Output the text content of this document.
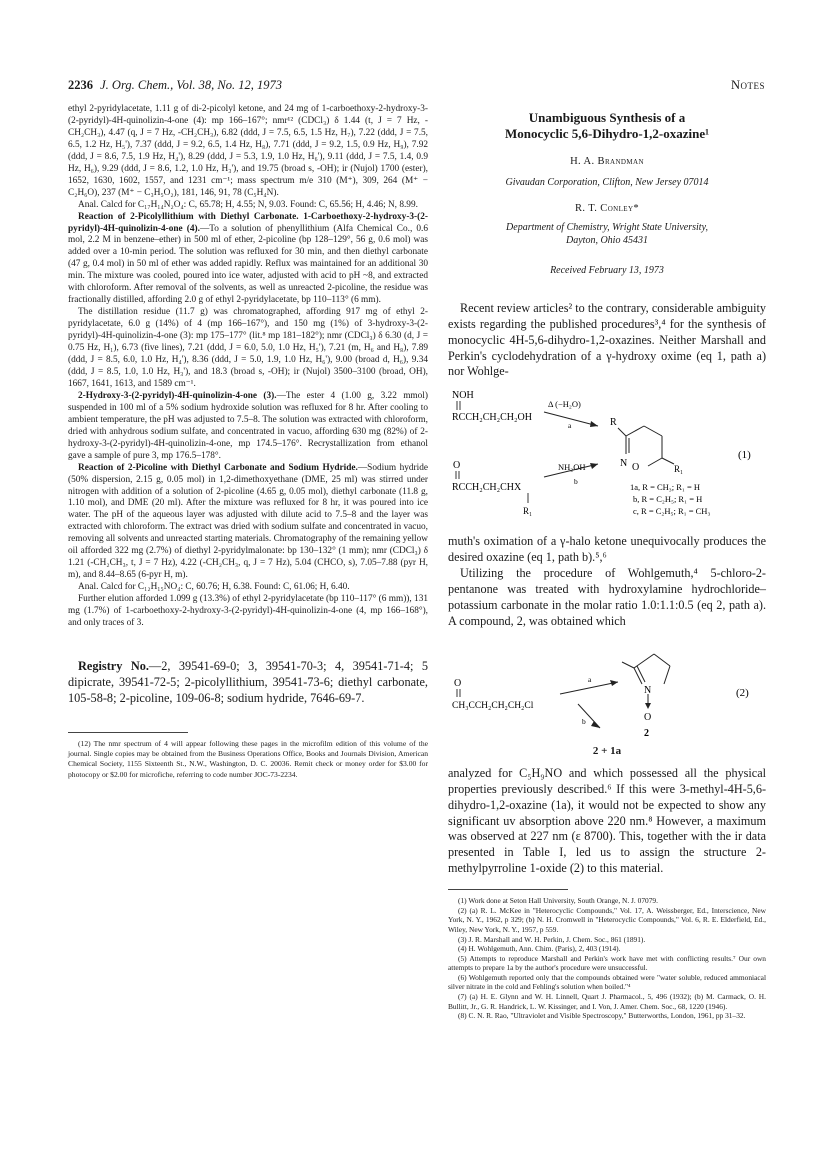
2236 J. Org. Chem., Vol. 38, No. 12, 1973	Notes

ethyl 2-pyridylacetate, 1.11 g of di-2-picolyl ketone, and 24 mg of 1-carboethoxy-2-hydroxy-3-(2-pyridyl)-4H-quinolizin-4-one (4): mp 166–167°; nmr¹² (CDCl₃) δ 1.44 (t, J = 7 Hz, -CH₂CH₃), 4.47 (q, J = 7 Hz, -CH₂CH₃), 6.82 (ddd, J = 7.5, 6.5, 1.5 Hz, H₇), 7.22 (ddd, J = 7.5, 6.5, 1.2 Hz, H₅'), 7.37 (ddd, J = 9.2, 6.5, 1.4 Hz, H₈), 7.71 (ddd, J = 9.2, 1.5, 0.9 Hz, H₉), 7.92 (ddd, J = 8.6, 7.5, 1.9 Hz, H₄'), 8.29 (ddd, J = 5.3, 1.9, 1.0 Hz, H₆'), 9.11 (ddd, J = 7.5, 1.4, 0.9 Hz, H₆), 9.29 (ddd, J = 8.6, 1.2, 1.0 Hz, H₃'), and 19.75 (broad s, -OH); ir (Nujol) 1700 (ester), 1652, 1630, 1602, 1557, and 1231 cm⁻¹; mass spectrum m/e 310 (M⁺), 309, 264 (M⁺ − C₂H₆O), 237 (M⁺ − C₃H₅O₂), 181, 146, 91, 78 (C₅H₄N).

Anal. Calcd for C₁₇H₁₄N₂O₄: C, 65.78; H, 4.55; N, 9.03. Found: C, 65.56; H, 4.46; N, 8.99.

Reaction of 2-Picolyllithium with Diethyl Carbonate. 1-Carboethoxy-2-hydroxy-3-(2-pyridyl)-4H-quinolizin-4-one (4).—To a solution of phenyllithium (Alfa Chemical Co., 0.6 mol, 2.2 M in benzene–ether) in 500 ml of ether, 2-picoline (bp 128–129°, 56 g, 0.6 mol) was added over a 10-min period. The solution was refluxed for 30 min, and then diethyl carbonate (47 g, 0.4 mol) in 50 ml of ether was added rapidly. Reflux was maintained for an additional 30 min. The mixture was cooled, poured into ice water, adjusted with acid to pH ~8, and extracted with chloroform. After removal of the solvents, as well as unreacted 2-picoline, the residue was fractionally distilled, affording 2.0 g of ethyl 2-pyridylacetate, bp 110–113° (6 mm).

The distillation residue (11.7 g) was chromatographed, affording 917 mg of ethyl 2-pyridylacetate, 6.0 g (14%) of 4 (mp 166–167°), and 150 mg (1%) of 3-hydroxy-3-(2-pyridyl)-4H-quinolizin-4-one (3): mp 175–177° (lit.⁸ mp 181–182°); nmr (CDCl₃) δ 6.30 (d, J = 0.75 Hz, H₁), 6.73 (five lines), 7.21 (ddd, J = 6.0, 5.0, 1.0 Hz, H₅'), 7.21 (m, H₆ and H₈), 7.89 (ddd, J = 8.5, 6.0, 1.0 Hz, H₄'), 8.36 (ddd, J = 5.0, 1.9, 1.0 Hz, H₆'), 9.00 (broad d, H₆), 9.34 (ddd, J = 8.5, 1.0, 1.0 Hz, H₃'), and 18.3 (broad s, -OH); ir (Nujol) 3500–3100 (broad, OH), 1667, 1641, 1613, and 1589 cm⁻¹.

2-Hydroxy-3-(2-pyridyl)-4H-quinolizin-4-one (3).—The ester 4 (1.00 g, 3.22 mmol) suspended in 100 ml of a 5% sodium hydroxide solution was refluxed for 8 hr. After cooling to ambient temperature, the pH was adjusted to 7.5–8. The solution was extracted with chloroform, dried with anhydrous sodium sulfate, and concentrated in vacuo, affording 630 mg (82%) of 2-hydroxy-3-(2-pyridyl)-4H-quinolizin-4-one, mp 174.5–176°. Recrystallization from ethanol gave a sample of pure 3, mp 176.5–178°.

Reaction of 2-Picoline with Diethyl Carbonate and Sodium Hydride.—Sodium hydride (50% dispersion, 2.15 g, 0.05 mol) in 1,2-dimethoxyethane (DME, 25 ml) was stirred under nitrogen with addition of a solution of 2-picoline (4.65 g, 0.05 mol), diethyl carbonate (11.8 g, 1.10 mol), and DME (20 ml). After the mixture was refluxed for 8 hr, it was poured into ice water. The pH of the aqueous layer was adjusted with dilute acid to 7.5–8 and the layer was extracted with chloroform. The extract was dried with sodium sulfate and concentrated in vacuo, removing all solvents and unreacted starting materials. Chromatography of the remaining yellow oil afforded 322 mg (2.7%) of diethyl 2-pyridylmalonate: bp 130–132° (1 mm); nmr (CDCl₃) δ 1.21 (-CH₂CH₃, t, J = 7 Hz), 4.22 (-CH₂CH₃, q, J = 7 Hz), 5.04 (CHCO, s), 7.05–7.88 (pyr H, m), and 8.44–8.65 (6-pyr H, m).

Anal. Calcd for C₁₂H₁₅NO₄: C, 60.76; H, 6.38. Found: C, 61.06; H, 6.40.

Further elution afforded 1.099 g (13.3%) of ethyl 2-pyridylacetate (bp 110–117° (6 mm)), 131 mg (1.7%) of 1-carboethoxy-2-hydroxy-3-(2-pyridyl)-4H-quinolizin-4-one (4, mp 166–168°), and only traces of 3.

Registry No.—2, 39541-69-0; 3, 39541-70-3; 4, 39541-71-4; 5 dipicrate, 39541-72-5; 2-picolyllithium, 39541-73-6; diethyl carbonate, 105-58-8; 2-picoline, 109-06-8; sodium hydride, 7646-69-7.

(12) The nmr spectrum of 4 will appear following these pages in the microfilm edition of this volume of the journal. Single copies may be obtained from the Business Operations Office, Books and Journals Division, American Chemical Society, 1155 Sixteenth St., N.W., Washington, D. C. 20036. Remit check or money order for $3.00 for photocopy or $2.00 for microfiche, referring to code number JOC-73-2234.

Unambiguous Synthesis of a
Monocyclic 5,6-Dihydro-1,2-oxazine¹
H. A. Brandman
Givaudan Corporation, Clifton, New Jersey 07014
R. T. Conley*
Department of Chemistry, Wright State University,
Dayton, Ohio 45431
Received February 13, 1973

Recent review articles² to the contrary, considerable ambiguity exists regarding the published procedures³,⁴ for the synthesis of monocyclic 4H-5,6-dihydro-1,2-oxazines. Neither Marshall and Perkin's cyclodehydration of a γ-hydroxy oxime (eq 1, path a) nor Wohlge-

NOH
RCCH₂CH₂CH₂OH
Δ (−H₂O)
a
O
RCCH₂CH₂CHX
R₁
NH₂OH
b
R
N O	R₁
(1)
1a, R = CH₃; R₁ = H
b, R = C₂H₅; R₁ = H
c, R = C₂H₅; R₁ = CH₃

muth's oximation of a γ-halo ketone unequivocally produces the desired oxazine (eq 1, path b).⁵,⁶

Utilizing the procedure of Wohlgemuth,⁴ 5-chloro-2-pentanone was treated with hydroxylamine hydrochloride–potassium carbonate in the molar ratio 1.0:1.1:0.5 (eq 2, path a). A compound, 2, was obtained which

O
CH₃CCH₂CH₂CH₂Cl
a
b
N
O
2
(2)
2 + 1a

analyzed for C₅H₉NO and which possessed all the physical properties previously described.⁶ If this were 3-methyl-4H-5,6-dihydro-1,2-oxazine (1a), it would not be expected to show any significant uv absorption above 220 nm.⁸ However, a maximum was observed at 227 nm (ε 8700). This, together with the ir data presented in Table I, led us to assign the structure 2-methylpyrroline 1-oxide (2) to this material.

(1) Work done at Seton Hall University, South Orange, N. J. 07079.

(2) (a) R. L. McKee in "Heterocyclic Compounds," Vol. 17, A. Weissberger, Ed., Interscience, New York, N. Y., 1962, p 329; (b) N. H. Cromwell in "Heterocyclic Compounds," Vol. 6, R. E. Elderfield, Ed., Wiley, New York, N. Y., 1957, p 559.

(3) J. R. Marshall and W. H. Perkin, J. Chem. Soc., 861 (1891).

(4) H. Wohlgemuth, Ann. Chim. (Paris), 2, 403 (1914).

(5) Attempts to reproduce Marshall and Perkin's work have met with conflicting results.⁷ Our own attempts to prepare 1a by the author's procedure were unsuccessful.

(6) Wohlgemuth reported only that the compounds obtained were "water soluble, reduced ammoniacal silver nitrate in the cold and Fehling's solution when boiled."⁴

(7) (a) H. E. Glynn and W. H. Linnell, Quart J. Pharmacol., 5, 496 (1932); (b) M. Carmack, O. H. Bullitt, Jr., G. R. Handrick, L. W. Kissinger, and I. Von, J. Amer. Chem. Soc., 68, 1220 (1946).

(8) C. N. R. Rao, "Ultraviolet and Visible Spectroscopy," Butterworths, London, 1961, pp 31–32.
